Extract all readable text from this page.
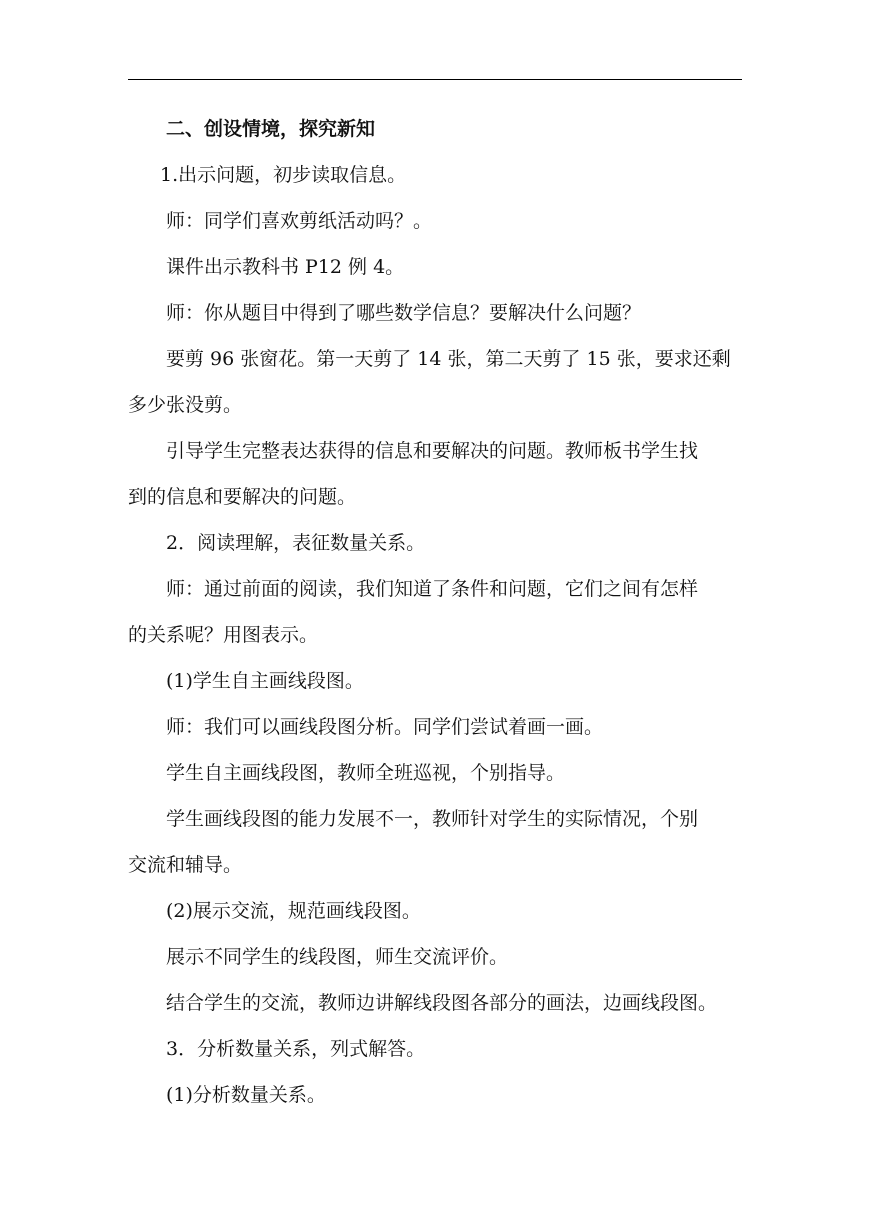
二、创设情境，探究新知
1.出示问题，初步读取信息。
师：同学们喜欢剪纸活动吗？。
课件出示教科书 P12 例 4。
师：你从题目中得到了哪些数学信息？要解决什么问题？
要剪 96 张窗花。第一天剪了 14 张，第二天剪了 15 张，要求还剩
多少张没剪。
引导学生完整表达获得的信息和要解决的问题。教师板书学生找
到的信息和要解决的问题。
2．阅读理解，表征数量关系。
师：通过前面的阅读，我们知道了条件和问题，它们之间有怎样
的关系呢？用图表示。
(1)学生自主画线段图。
师：我们可以画线段图分析。同学们尝试着画一画。
学生自主画线段图，教师全班巡视，个别指导。
学生画线段图的能力发展不一，教师针对学生的实际情况，个别
交流和辅导。
(2)展示交流，规范画线段图。
展示不同学生的线段图，师生交流评价。
结合学生的交流，教师边讲解线段图各部分的画法，边画线段图。
3．分析数量关系，列式解答。
(1)分析数量关系。
